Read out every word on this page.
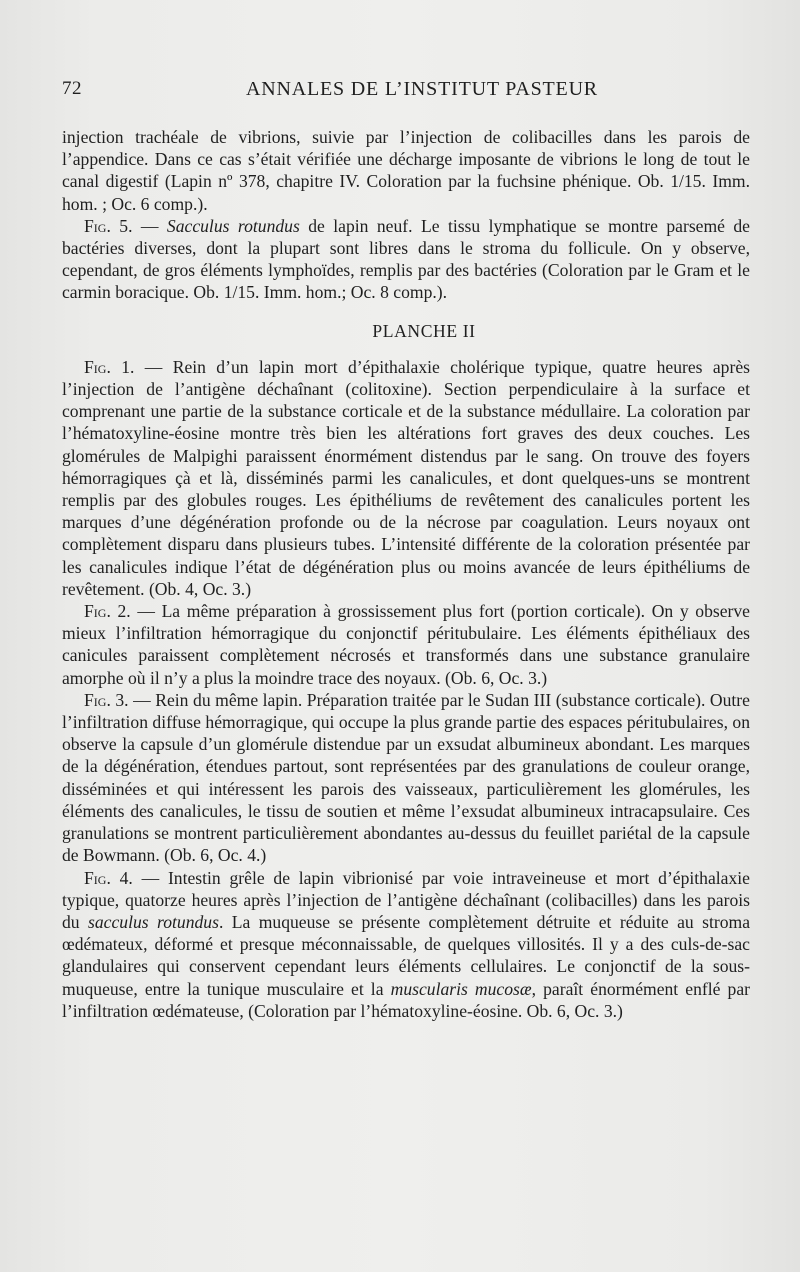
72	ANNALES DE L’INSTITUT PASTEUR

injection trachéale de vibrions, suivie par l’injection de colibacilles dans les parois de l’appendice. Dans ce cas s’était vérifiée une décharge imposante de vibrions le long de tout le canal digestif (Lapin nº 378, chapitre IV. Coloration par la fuchsine phénique. Ob. 1/15. Imm. hom. ; Oc. 6 comp.).

Fig. 5. — Sacculus rotundus de lapin neuf. Le tissu lymphatique se montre parsemé de bactéries diverses, dont la plupart sont libres dans le stroma du follicule. On y observe, cependant, de gros éléments lymphoïdes, remplis par des bactéries (Coloration par le Gram et le carmin boracique. Ob. 1/15. Imm. hom.; Oc. 8 comp.).

PLANCHE II

Fig. 1. — Rein d’un lapin mort d’épithalaxie cholérique typique, quatre heures après l’injection de l’antigène déchaînant (colitoxine). Section perpendiculaire à la surface et comprenant une partie de la substance corticale et de la substance médullaire. La coloration par l’hématoxyline-éosine montre très bien les altérations fort graves des deux couches. Les glomérules de Malpighi paraissent énormément distendus par le sang. On trouve des foyers hémorragiques çà et là, disséminés parmi les canalicules, et dont quelques-uns se montrent remplis par des globules rouges. Les épithéliums de revêtement des canalicules portent les marques d’une dégénération profonde ou de la nécrose par coagulation. Leurs noyaux ont complètement disparu dans plusieurs tubes. L’intensité différente de la coloration présentée par les canalicules indique l’état de dégénération plus ou moins avancée de leurs épithéliums de revêtement. (Ob. 4, Oc. 3.)

Fig. 2. — La même préparation à grossissement plus fort (portion corticale). On y observe mieux l’infiltration hémorragique du conjonctif péritubulaire. Les éléments épithéliaux des canicules paraissent complètement nécrosés et transformés dans une substance granulaire amorphe où il n’y a plus la moindre trace des noyaux. (Ob. 6, Oc. 3.)

Fig. 3. — Rein du même lapin. Préparation traitée par le Sudan III (substance corticale). Outre l’infiltration diffuse hémorragique, qui occupe la plus grande partie des espaces péritubulaires, on observe la capsule d’un glomérule distendue par un exsudat albumineux abondant. Les marques de la dégénération, étendues partout, sont représentées par des granulations de couleur orange, disséminées et qui intéressent les parois des vaisseaux, particulièrement les glomérules, les éléments des canalicules, le tissu de soutien et même l’exsudat albumineux intracapsulaire. Ces granulations se montrent particulièrement abondantes au-dessus du feuillet pariétal de la capsule de Bowmann. (Ob. 6, Oc. 4.)

Fig. 4. — Intestin grêle de lapin vibrionisé par voie intraveineuse et mort d’épithalaxie typique, quatorze heures après l’injection de l’antigène déchaînant (colibacilles) dans les parois du sacculus rotundus. La muqueuse se présente complètement détruite et réduite au stroma œdémateux, déformé et presque méconnaissable, de quelques villosités. Il y a des culs-de-sac glandulaires qui conservent cependant leurs éléments cellulaires. Le conjonctif de la sous-muqueuse, entre la tunique musculaire et la muscularis mucosæ, paraît énormément enflé par l’infiltration œdémateuse, (Coloration par l’hématoxyline-éosine. Ob. 6, Oc. 3.)
